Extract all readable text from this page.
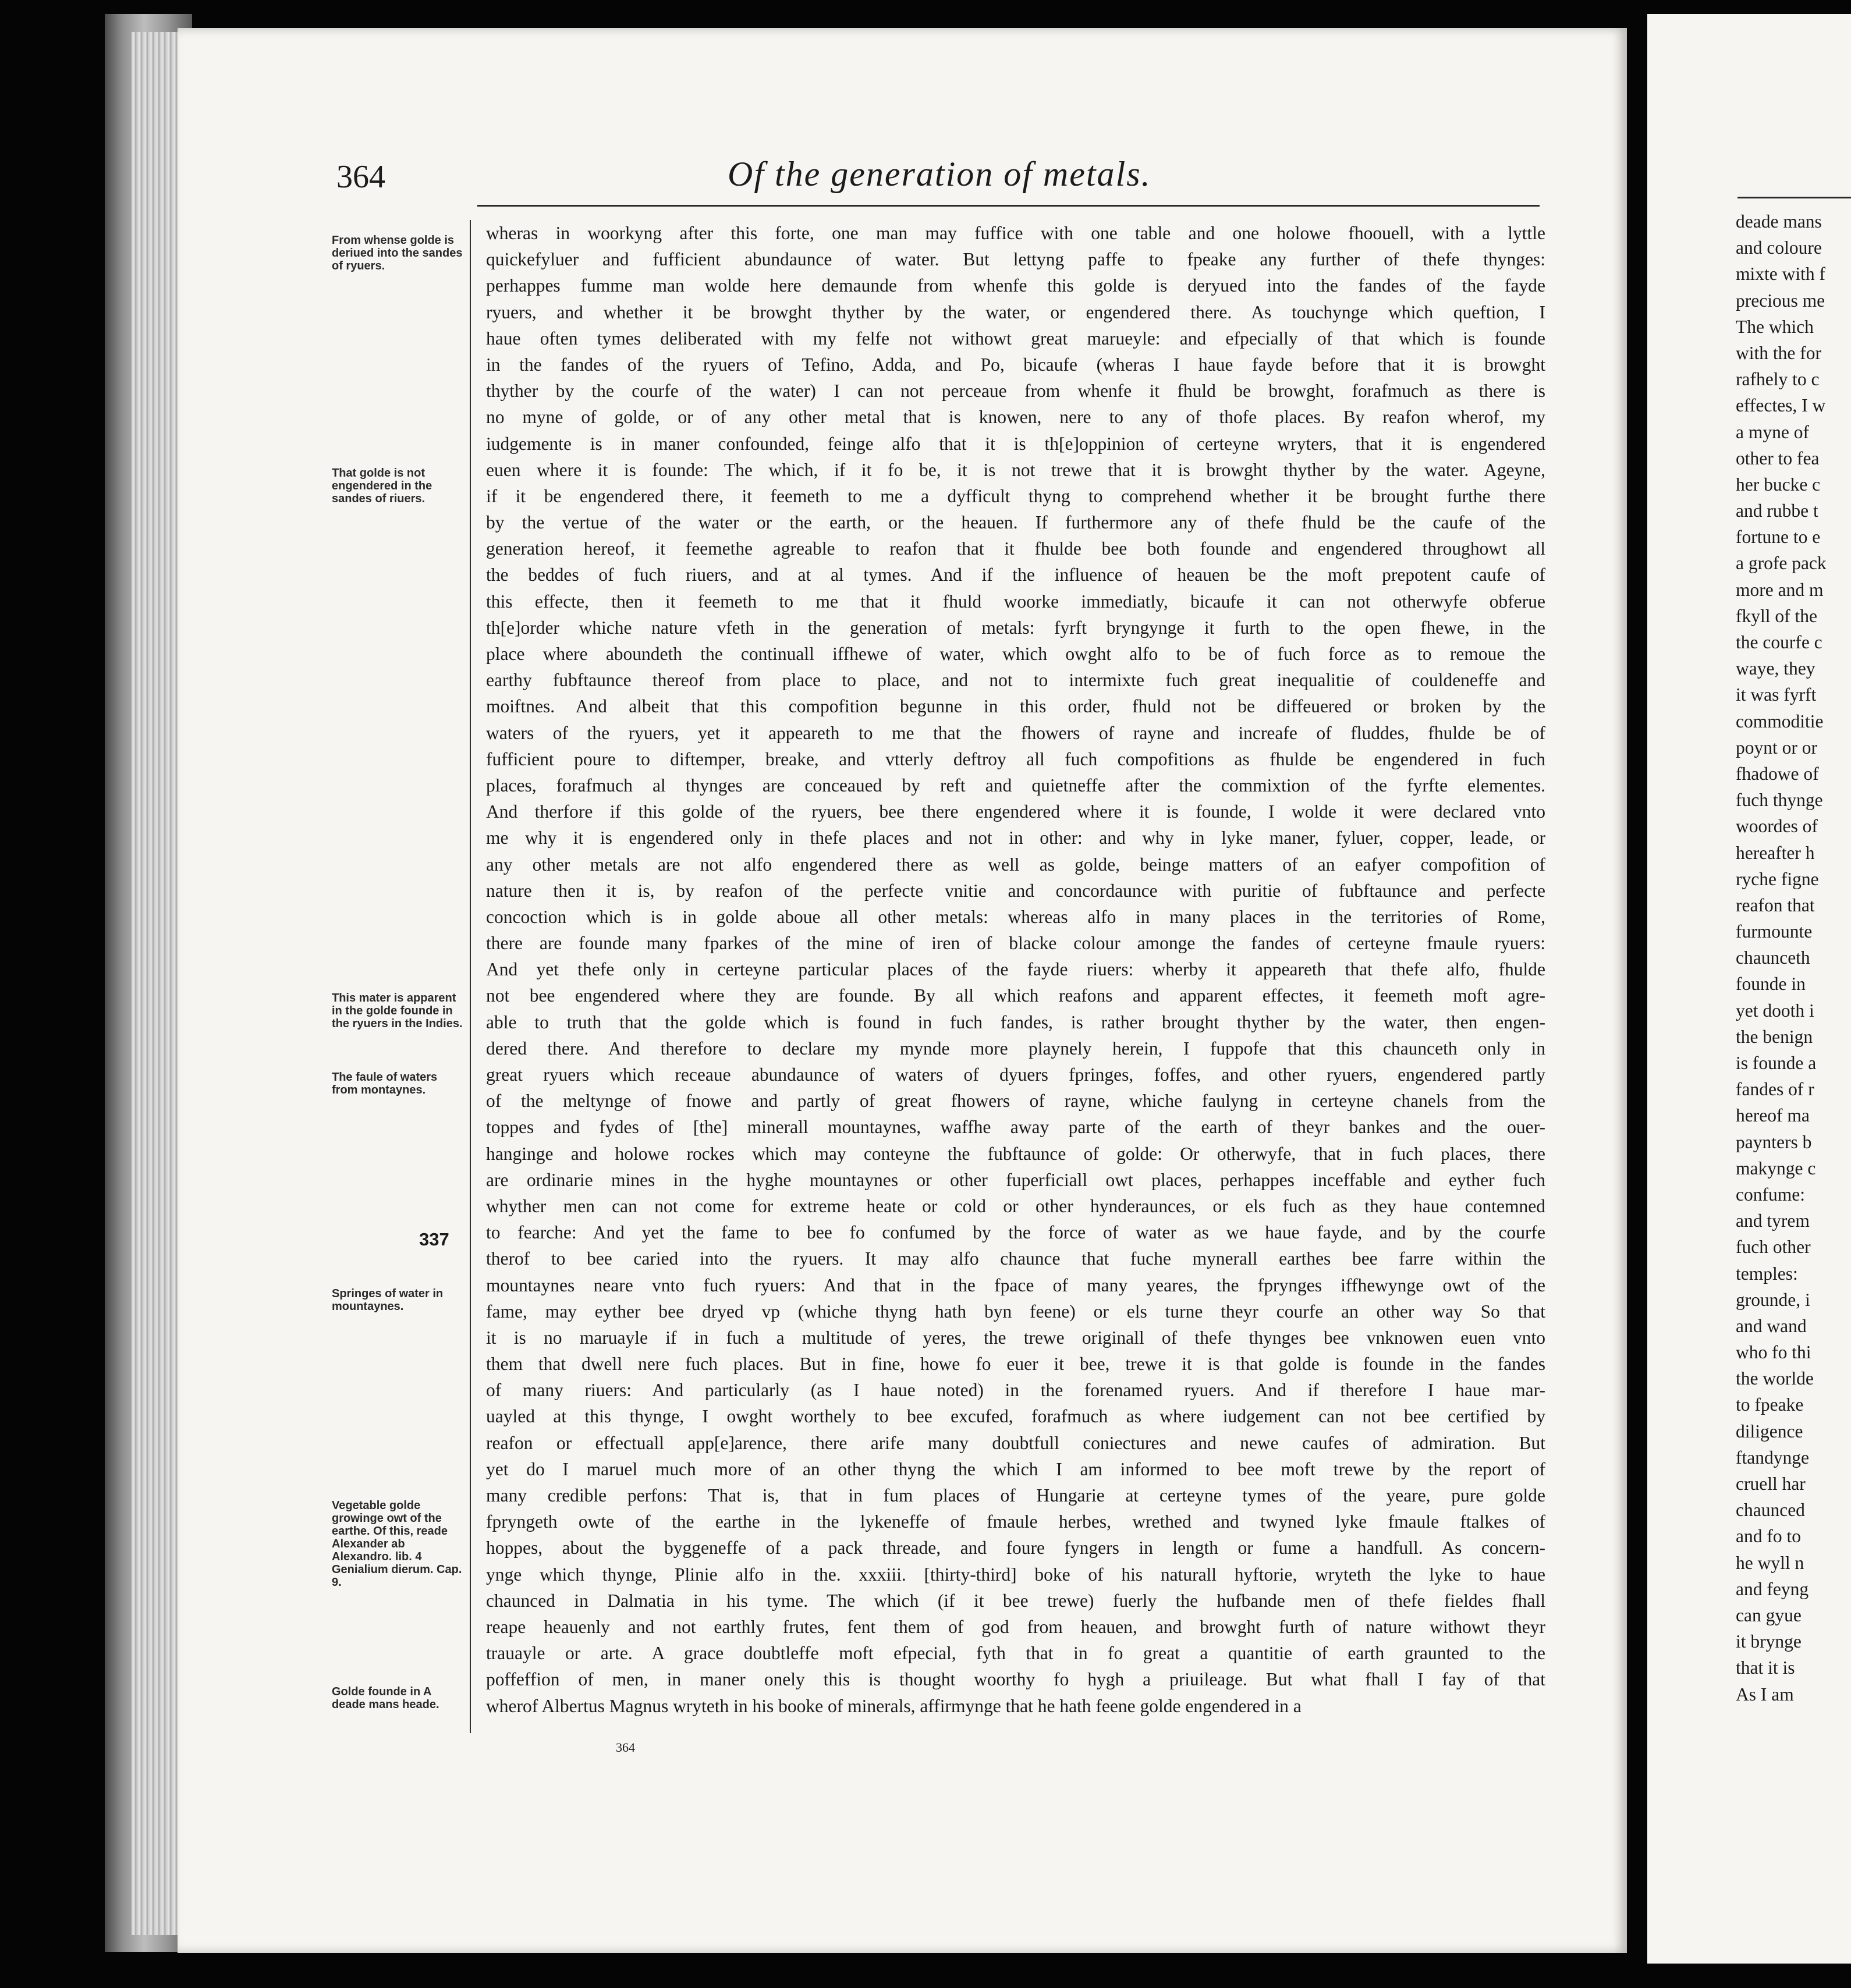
364	Of the generation of metals.
From whense golde is deriued into the sandes of ryuers.
That golde is not engendered in the sandes of riuers.
This mater is apparent in the golde founde in the ryuers in the Indies.
The faule of waters from montaynes.
337
Springes of water in mountaynes.
Vegetable golde growinge owt of the earthe. Of this, reade Alexander ab Alexandro. lib. 4 Genialium dierum. Cap. 9.
Golde founde in A deade mans heade.
wheras in woorkyng after this forte, one man may fuffice with one table and one holowe fhoouell, with a lyttle
quickefyluer and fufficient abundaunce of water. But lettyng paffe to fpeake any further of thefe thynges:
perhappes fumme man wolde here demaunde from whenfe this golde is deryued into the fandes of the fayde
ryuers, and whether it be browght thyther by the water, or engendered there. As touchynge which queftion, I
haue often tymes deliberated with my felfe not withowt great marueyle: and efpecially of that which is founde
in the fandes of the ryuers of Tefino, Adda, and Po, bicaufe (wheras I haue fayde before that it is browght
thyther by the courfe of the water) I can not perceaue from whenfe it fhuld be browght, forafmuch as there is
no myne of golde, or of any other metal that is knowen, nere to any of thofe places. By reafon wherof, my
iudgemente is in maner confounded, feinge alfo that it is th[e]oppinion of certeyne wryters, that it is engendered
euen where it is founde: The which, if it fo be, it is not trewe that it is browght thyther by the water. Ageyne,
if it be engendered there, it feemeth to me a dyfficult thyng to comprehend whether it be brought furthe there
by the vertue of the water or the earth, or the heauen. If furthermore any of thefe fhuld be the caufe of the
generation hereof, it feemethe agreable to reafon that it fhulde bee both founde and engendered throughowt all
the beddes of fuch riuers, and at al tymes. And if the influence of heauen be the moft prepotent caufe of
this effecte, then it feemeth to me that it fhuld woorke immediatly, bicaufe it can not otherwyfe obferue
th[e]order whiche nature vfeth in the generation of metals: fyrft bryngynge it furth to the open fhewe, in the
place where aboundeth the continuall iffhewe of water, which owght alfo to be of fuch force as to remoue the
earthy fubftaunce thereof from place to place, and not to intermixte fuch great inequalitie of couldeneffe and
moiftnes. And albeit that this compofition begunne in this order, fhuld not be diffeuered or broken by the
waters of the ryuers, yet it appeareth to me that the fhowers of rayne and increafe of fluddes, fhulde be of
fufficient poure to diftemper, breake, and vtterly deftroy all fuch compofitions as fhulde be engendered in fuch
places, forafmuch al thynges are conceaued by reft and quietneffe after the commixtion of the fyrfte elementes.
And therfore if this golde of the ryuers, bee there engendered where it is founde, I wolde it were declared vnto
me why it is engendered only in thefe places and not in other: and why in lyke maner, fyluer, copper, leade, or
any other metals are not alfo engendered there as well as golde, beinge matters of an eafyer compofition of
nature then it is, by reafon of the perfecte vnitie and concordaunce with puritie of fubftaunce and perfecte
concoction which is in golde aboue all other metals: whereas alfo in many places in the territories of Rome,
there are founde many fparkes of the mine of iren of blacke colour amonge the fandes of certeyne fmaule ryuers:
And yet thefe only in certeyne particular places of the fayde riuers: wherby it appeareth that thefe alfo, fhulde
not bee engendered where they are founde. By all which reafons and apparent effectes, it feemeth moft agre-
able to truth that the golde which is found in fuch fandes, is rather brought thyther by the water, then engen-
dered there. And therefore to declare my mynde more playnely herein, I fuppofe that this chaunceth only in
great ryuers which receaue abundaunce of waters of dyuers fpringes, foffes, and other ryuers, engendered partly
of the meltynge of fnowe and partly of great fhowers of rayne, whiche faulyng in certeyne chanels from the
toppes and fydes of [the] minerall mountaynes, waffhe away parte of the earth of theyr bankes and the ouer-
hanginge and holowe rockes which may conteyne the fubftaunce of golde: Or otherwyfe, that in fuch places, there
are ordinarie mines in the hyghe mountaynes or other fuperficiall owt places, perhappes inceffable and eyther fuch
whyther men can not come for extreme heate or cold or other hynderaunces, or els fuch as they haue contemned
to fearche: And yet the fame to bee fo confumed by the force of water as we haue fayde, and by the courfe
therof to bee caried into the ryuers. It may alfo chaunce that fuche mynerall earthes bee farre within the
mountaynes neare vnto fuch ryuers: And that in the fpace of many yeares, the fprynges iffhewynge owt of the
fame, may eyther bee dryed vp (whiche thyng hath byn feene) or els turne theyr courfe an other way So that
it is no maruayle if in fuch a multitude of yeres, the trewe originall of thefe thynges bee vnknowen euen vnto
them that dwell nere fuch places. But in fine, howe fo euer it bee, trewe it is that golde is founde in the fandes
of many riuers: And particularly (as I haue noted) in the forenamed ryuers. And if therefore I haue mar-
uayled at this thynge, I owght worthely to bee excufed, forafmuch as where iudgement can not bee certified by
reafon or effectuall app[e]arence, there arife many doubtfull coniectures and newe caufes of admiration. But
yet do I maruel much more of an other thyng the which I am informed to bee moft trewe by the report of
many credible perfons: That is, that in fum places of Hungarie at certeyne tymes of the yeare, pure golde
fpryngeth owte of the earthe in the lykeneffe of fmaule herbes, wrethed and twyned lyke fmaule ftalkes of
hoppes, about the byggeneffe of a pack threade, and foure fyngers in length or fume a handfull. As concern-
ynge which thynge, Plinie alfo in the. xxxiii. [thirty-third] boke of his naturall hyftorie, wryteth the lyke to haue
chaunced in Dalmatia in his tyme. The which (if it bee trewe) fuerly the hufbande men of thefe fieldes fhall
reape heauenly and not earthly frutes, fent them of god from heauen, and browght furth of nature withowt theyr
trauayle or arte. A grace doubtleffe moft efpecial, fyth that in fo great a quantitie of earth graunted to the
poffeffion of men, in maner onely this is thought woorthy fo hygh a priuileage. But what fhall I fay of that
wherof Albertus Magnus wryteth in his booke of minerals, affirmynge that he hath feene golde engendered in a
364
deade mans
and coloure
mixte with f
precious me
The which
with the for
rafhely to c
effectes, I w
a myne of
other to fea
her bucke c
and rubbe t
fortune to e
a grofe pack
more and m
fkyll of the
the courfe c
waye, they
it was fyrft
commoditie
poynt or or
fhadowe of
fuch thynge
woordes of
hereafter h
ryche figne
reafon that
furmounte
chaunceth
founde in
yet dooth i
the benign
is founde a
fandes of r
hereof ma
paynters b
makynge c
confume:
and tyrem
fuch other
temples:
grounde, i
and wand
who fo thi
the worlde
to fpeake
diligence
ftandynge
cruell har
chaunced
and fo to
he wyll n
and feyng
can gyue
it brynge
that it is
As I am
